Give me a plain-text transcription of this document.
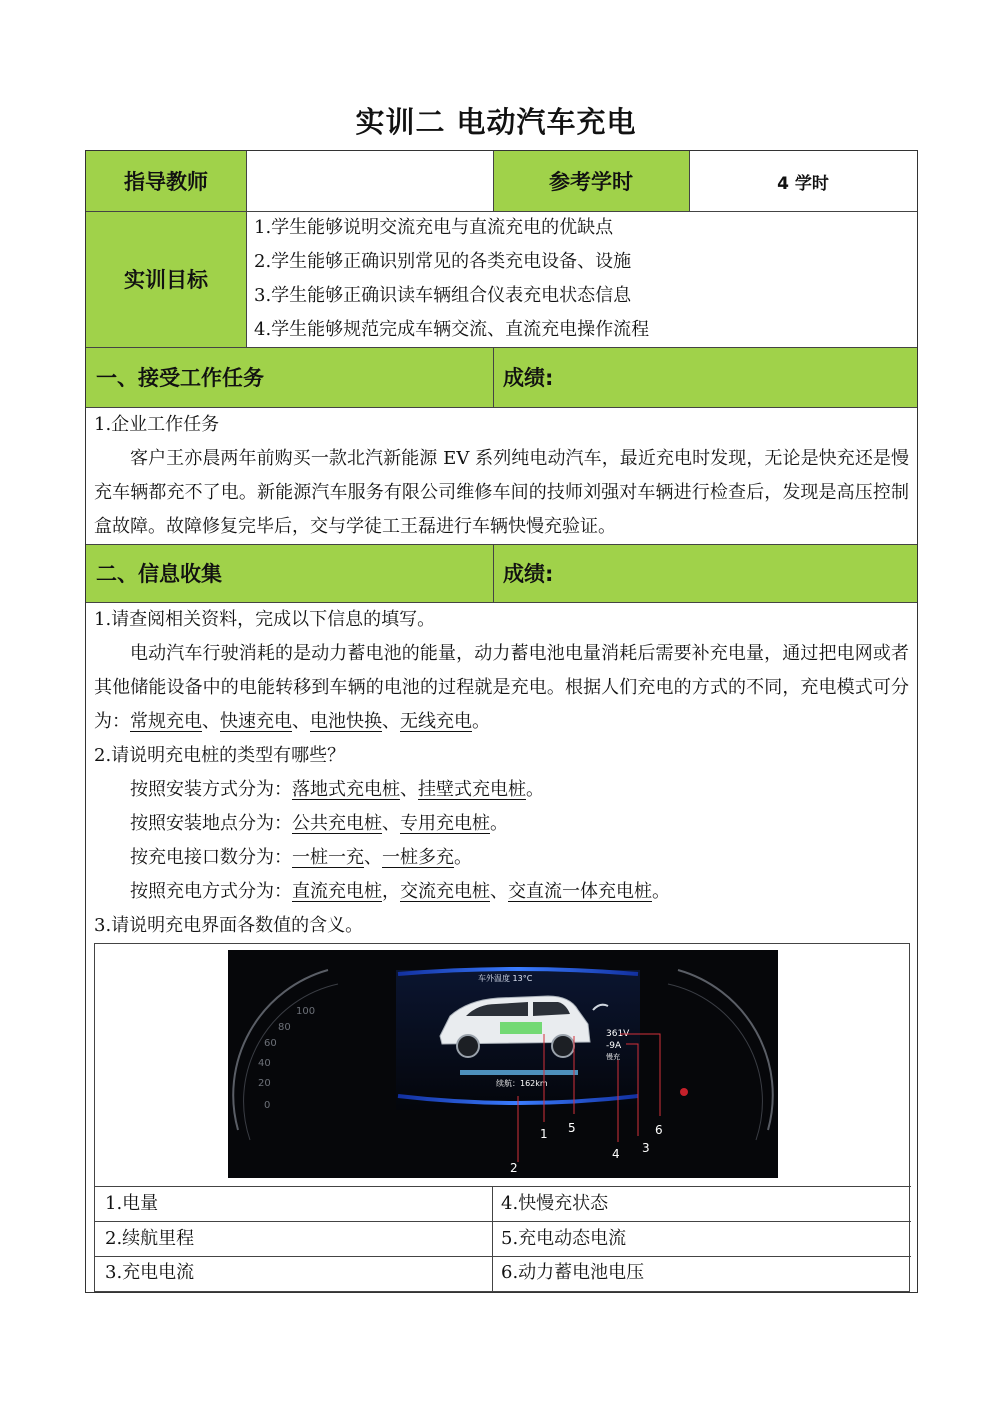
实训二 电动汽车充电
指导教师	参考学时	4 学时
实训目标
1.学生能够说明交流充电与直流充电的优缺点
2.学生能够正确识别常见的各类充电设备、设施
3.学生能够正确识读车辆组合仪表充电状态信息
4.学生能够规范完成车辆交流、直流充电操作流程
一、接受工作任务	成绩:
1.企业工作任务
客户王亦晨两年前购买一款北汽新能源 EV 系列纯电动汽车，最近充电时发现，无论是快充还是慢充车辆都充不了电。新能源汽车服务有限公司维修车间的技师刘强对车辆进行检查后，发现是高压控制盒故障。故障修复完毕后，交与学徒工王磊进行车辆快慢充验证。
二、信息收集	成绩:
1.请查阅相关资料，完成以下信息的填写。
电动汽车行驶消耗的是动力蓄电池的能量，动力蓄电池电量消耗后需要补充电量，通过把电网或者其他储能设备中的电能转移到车辆的电池的过程就是充电。根据人们充电的方式的不同，充电模式可分为：常规充电、快速充电、电池快换、无线充电。
2.请说明充电桩的类型有哪些？
按照安装方式分为：落地式充电桩、挂壁式充电桩。
按照安装地点分为：公共充电桩、专用充电桩。
按充电接口数分为：一桩一充、一桩多充。
按照充电方式分为：直流充电桩，交流充电桩、交直流一体充电桩。
3.请说明充电界面各数值的含义。
1.电量	4.快慢充状态
2.续航里程	5.充电动态电流
3.充电电流	6.动力蓄电池电压
100
80
60
40
20
0
车外温度 13°C
361V
-9A
慢充
续航：162km
1
2
3
4
5	6
